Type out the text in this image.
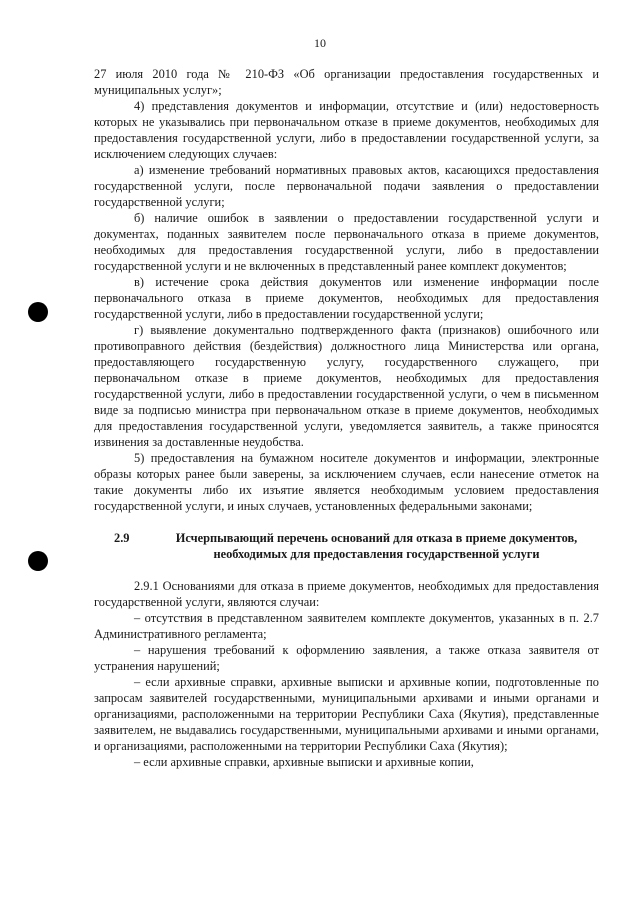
10

27 июля 2010 года № 210-ФЗ «Об организации предоставления государственных и муниципальных услуг»;

4) представления документов и информации, отсутствие и (или) недостоверность которых не указывались при первоначальном отказе в приеме документов, необходимых для предоставления государственной услуги, либо в предоставлении государственной услуги, за исключением следующих случаев:

а) изменение требований нормативных правовых актов, касающихся предоставления государственной услуги, после первоначальной подачи заявления о предоставлении государственной услуги;

б) наличие ошибок в заявлении о предоставлении государственной услуги и документах, поданных заявителем после первоначального отказа в приеме документов, необходимых для предоставления государственной услуги, либо в предоставлении государственной услуги и не включенных в представленный ранее комплект документов;

в) истечение срока действия документов или изменение информации после первоначального отказа в приеме документов, необходимых для предоставления государственной услуги, либо в предоставлении государственной услуги;

г) выявление документально подтвержденного факта (признаков) ошибочного или противоправного действия (бездействия) должностного лица Министерства или органа, предоставляющего государственную услугу, государственного служащего, при первоначальном отказе в приеме документов, необходимых для предоставления государственной услуги, либо в предоставлении государственной услуги, о чем в письменном виде за подписью министра при первоначальном отказе в приеме документов, необходимых для предоставления государственной услуги, уведомляется заявитель, а также приносятся извинения за доставленные неудобства.

5) предоставления на бумажном носителе документов и информации, электронные образы которых ранее были заверены, за исключением случаев, если нанесение отметок на такие документы либо их изъятие является необходимым условием предоставления государственной услуги, и иных случаев, установленных федеральными законами;

2.9	Исчерпывающий перечень оснований для отказа в приеме документов, необходимых для предоставления государственной услуги

2.9.1 Основаниями для отказа в приеме документов, необходимых для предоставления государственной услуги, являются случаи:

– отсутствия в представленном заявителем комплекте документов, указанных в п. 2.7 Административного регламента;

– нарушения требований к оформлению заявления, а также отказа заявителя от устранения нарушений;

– если архивные справки, архивные выписки и архивные копии, подготовленные по запросам заявителей государственными, муниципальными архивами и иными органами и организациями, расположенными на территории Республики Саха (Якутия), представленные заявителем, не выдавались государственными, муниципальными архивами и иными органами, и организациями, расположенными на территории Республики Саха (Якутия);

– если архивные справки, архивные выписки и архивные копии,
